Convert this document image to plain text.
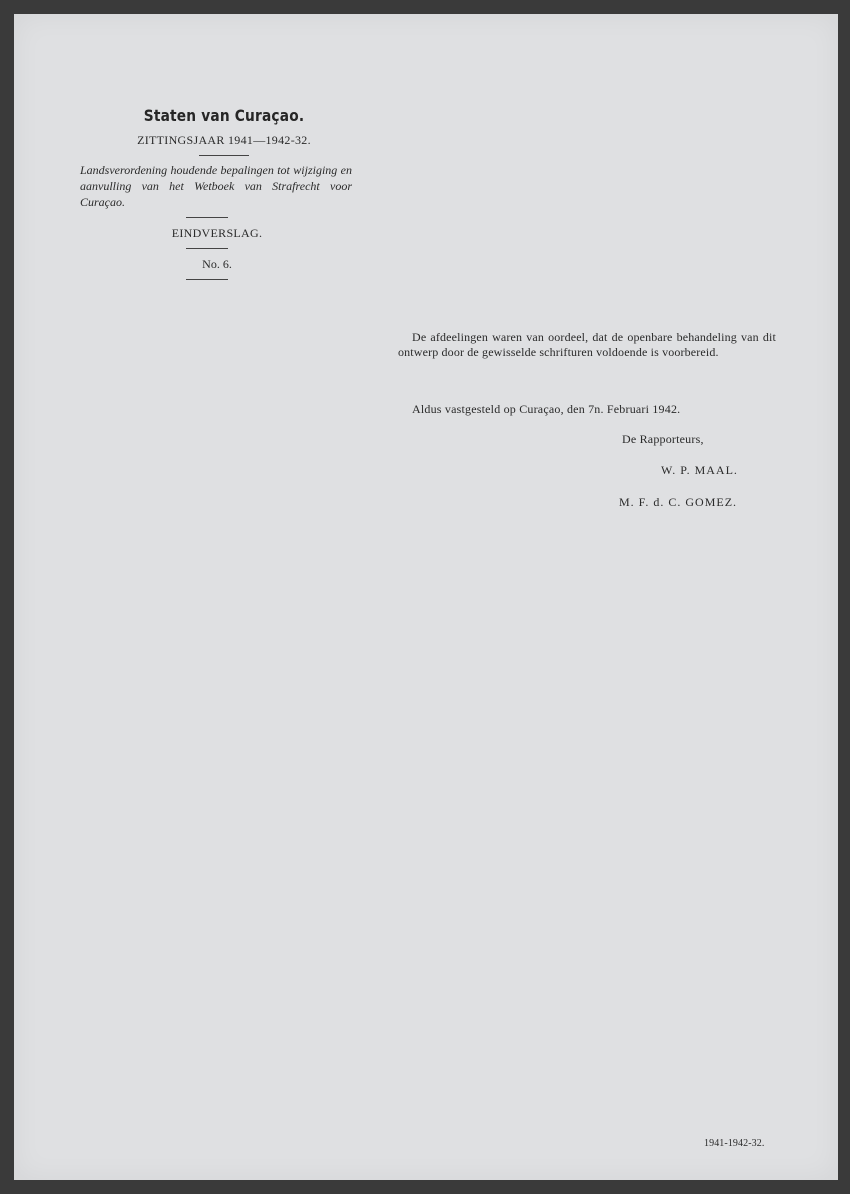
Staten van Curaçao.
ZITTINGSJAAR 1941—1942-32.
Landsverordening houdende bepalingen tot wijziging en aanvulling van het Wetboek van Strafrecht voor Curaçao.
EINDVERSLAG.
No. 6.

De afdeelingen waren van oordeel, dat de openbare behandeling van dit ontwerp door de gewisselde schrifturen voldoende is voorbereid.

Aldus vastgesteld op Curaçao, den 7n. Februari 1942.
De Rapporteurs,
W. P. MAAL.
M. F. d. C. GOMEZ.
1941-1942-32.
